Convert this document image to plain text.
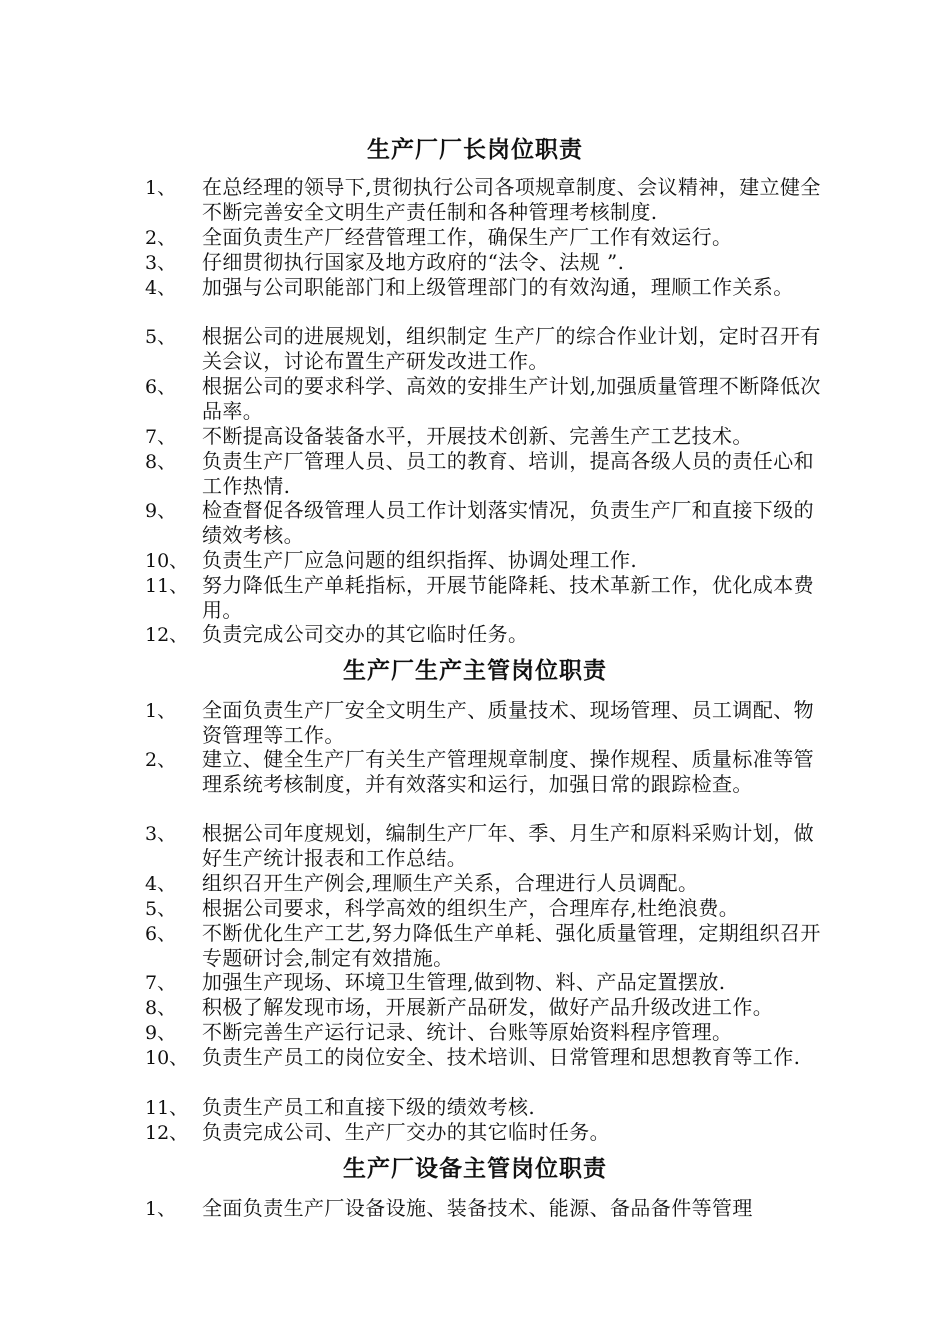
生产厂厂长岗位职责
1、 在总经理的领导下,贯彻执行公司各项规章制度、会议精神，建立健全不断完善安全文明生产责任制和各种管理考核制度.
2、 全面负责生产厂经营管理工作，确保生产厂工作有效运行。
3、 仔细贯彻执行国家及地方政府的“法令、法规 ”.
4、 加强与公司职能部门和上级管理部门的有效沟通，理顺工作关系。
5、 根据公司的进展规划，组织制定 生产厂的综合作业计划，定时召开有关会议，讨论布置生产研发改进工作。
6、 根据公司的要求科学、高效的安排生产计划,加强质量管理不断降低次品率。
7、 不断提高设备装备水平，开展技术创新、完善生产工艺技术。
8、 负责生产厂管理人员、员工的教育、培训，提高各级人员的责任心和工作热情.
9、 检查督促各级管理人员工作计划落实情况，负责生产厂和直接下级的绩效考核。
10、 负责生产厂应急问题的组织指挥、协调处理工作.
11、 努力降低生产单耗指标，开展节能降耗、技术革新工作，优化成本费用。
12、 负责完成公司交办的其它临时任务。
生产厂生产主管岗位职责
1、 全面负责生产厂安全文明生产、质量技术、现场管理、员工调配、物资管理等工作。
2、 建立、健全生产厂有关生产管理规章制度、操作规程、质量标准等管理系统考核制度，并有效落实和运行，加强日常的跟踪检查。
3、 根据公司年度规划，编制生产厂年、季、月生产和原料采购计划，做好生产统计报表和工作总结。
4、 组织召开生产例会,理顺生产关系，合理进行人员调配。
5、 根据公司要求，科学高效的组织生产，合理库存,杜绝浪费。
6、 不断优化生产工艺,努力降低生产单耗、强化质量管理，定期组织召开专题研讨会,制定有效措施。
7、 加强生产现场、环境卫生管理,做到物、料、产品定置摆放.
8、 积极了解发现市场，开展新产品研发，做好产品升级改进工作。
9、 不断完善生产运行记录、统计、台账等原始资料程序管理。
10、 负责生产员工的岗位安全、技术培训、日常管理和思想教育等工作.
11、 负责生产员工和直接下级的绩效考核.
12、 负责完成公司、生产厂交办的其它临时任务。
生产厂设备主管岗位职责
1、 全面负责生产厂设备设施、装备技术、能源、备品备件等管理
